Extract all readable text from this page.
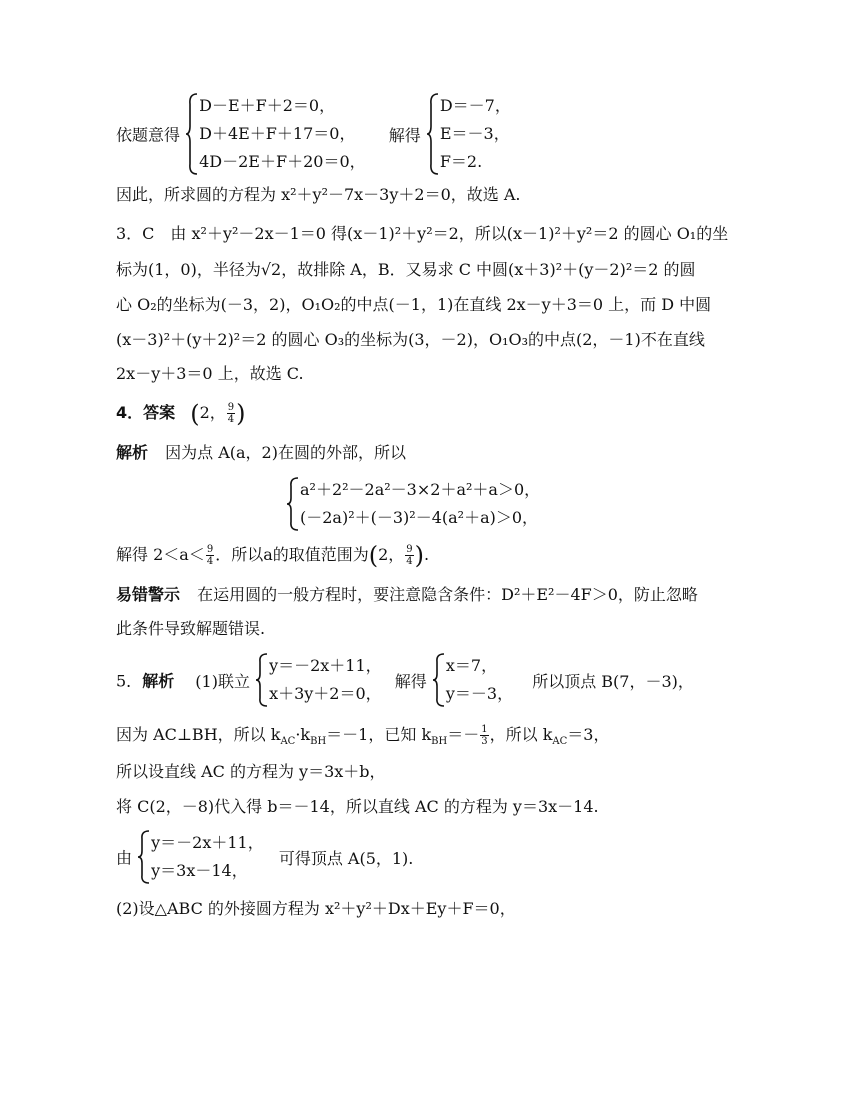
依题意得
D－E＋F＋2＝0，
D＋4E＋F＋17＝0，
4D－2E＋F＋20＝0，
解得
D＝－7，
E＝－3，
F＝2.
因此，所求圆的方程为 x²＋y²－7x－3y＋2＝0，故选 A.
3．C　由 x²＋y²－2x－1＝0 得(x－1)²＋y²＝2，所以(x－1)²＋y²＝2 的圆心 O₁的坐
标为(1，0)，半径为√2，故排除 A，B．又易求 C 中圆(x＋3)²＋(y－2)²＝2 的圆
心 O₂的坐标为(－3，2)，O₁O₂的中点(－1，1)在直线 2x－y＋3＝0 上，而 D 中圆
(x－3)²＋(y＋2)²＝2 的圆心 O₃的坐标为(3，－2)，O₁O₃的中点(2，－1)不在直线
2x－y＋3＝0 上，故选 C.
4．答案 (2， $\frac{9}{4}$ )
解析 因为点 A(a，2)在圆的外部，所以
a²＋2²－2a²－3×2＋a²＋a＞0，
(－2a)²＋(－3)²－4(a²＋a)＞0，
解得 $2<a< \frac{9}{4}$ ．所以a的取值范围为(2， $\frac{9}{4}$ ).
易错警示 在运用圆的一般方程时，要注意隐含条件：D²＋E²－4F＞0，防止忽略
此条件导致解题错误.
5．解析 (1)联立
y＝－2x＋11，
x＋3y＋2＝0，
解得
x＝7，
y＝－3，
所以顶点 B(7，－3)，
因为 AC⊥BH，所以 $k_{AC}\cdot k_{BH}=-1$，已知 $k_{BH}=- \frac{1}{3}$ ，所以 $k_{AC}=3$，
所以设直线 AC 的方程为 y＝3x＋b，
将 C(2，－8)代入得 b＝－14，所以直线 AC 的方程为 y＝3x－14.
由
y＝－2x＋11，
y＝3x－14，
可得顶点 A(5，1).
(2)设△ABC 的外接圆方程为 x²＋y²＋Dx＋Ey＋F＝0，
